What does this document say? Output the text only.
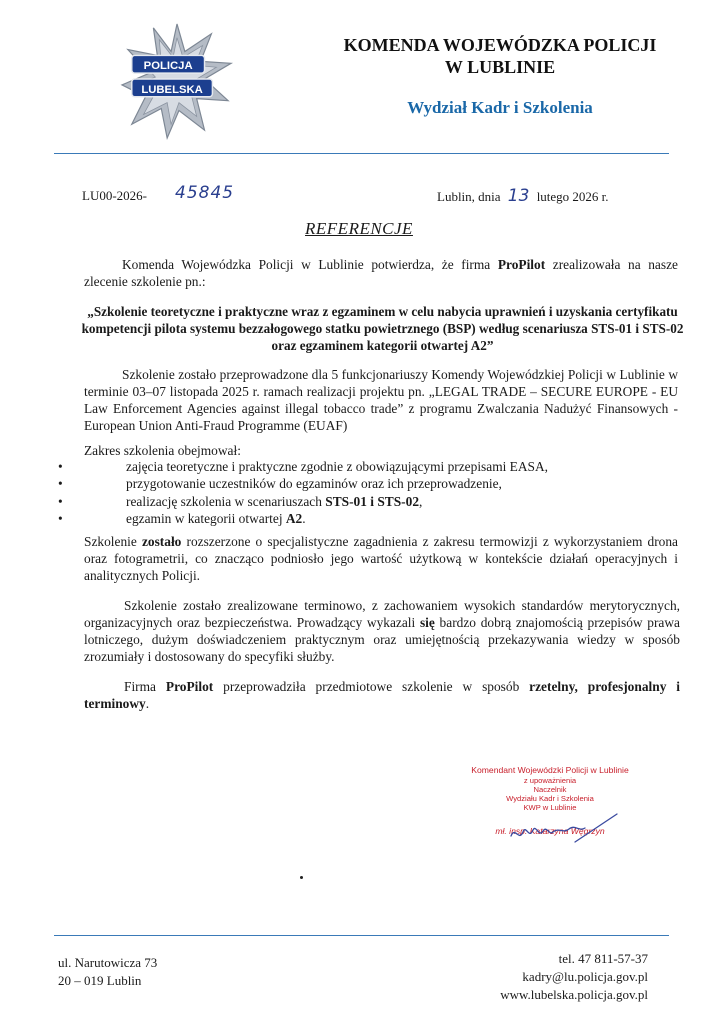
POLICJA
LUBELSKA
KOMENDA WOJEWÓDZKA POLICJI
W LUBLINIE
Wydział Kadr i Szkolenia
LU00-2026- 45845	Lublin, dnia 13 lutego 2026 r.
REFERENCJE
Komenda Wojewódzka Policji w Lublinie potwierdza, że firma ProPilot zrealizowała na nasze zlecenie szkolenie pn.:
„Szkolenie teoretyczne i praktyczne wraz z egzaminem w celu nabycia uprawnień i uzyskania certyfikatu kompetencji pilota systemu bezzałogowego statku powietrznego (BSP) według scenariusza STS-01 i STS-02 oraz egzaminem kategorii otwartej A2”
Szkolenie zostało przeprowadzone dla 5 funkcjonariuszy Komendy Wojewódzkiej Policji w Lublinie w terminie 03–07 listopada 2025 r. ramach realizacji projektu pn. „LEGAL TRADE – SECURE EUROPE - EU Law Enforcement Agencies against illegal tobacco trade” z programu Zwalczania Nadużyć Finansowych - European Union Anti-Fraud Programme (EUAF)
Zakres szkolenia obejmował:
•	zajęcia teoretyczne i praktyczne zgodnie z obowiązującymi przepisami EASA,
•	przygotowanie uczestników do egzaminów oraz ich przeprowadzenie,
•	realizację szkolenia w scenariuszach STS-01 i STS-02,
•	egzamin w kategorii otwartej A2.
Szkolenie zostało rozszerzone o specjalistyczne zagadnienia z zakresu termowizji z wykorzystaniem drona oraz fotogrametrii, co znacząco podniosło jego wartość użytkową w kontekście działań operacyjnych i analitycznych Policji.
Szkolenie zostało zrealizowane terminowo, z zachowaniem wysokich standardów merytorycznych, organizacyjnych oraz bezpieczeństwa. Prowadzący wykazali się bardzo dobrą znajomością przepisów prawa lotniczego, dużym doświadczeniem praktycznym oraz umiejętnością przekazywania wiedzy w sposób zrozumiały i dostosowany do specyfiki służby.
Firma ProPilot przeprowadziła przedmiotowe szkolenie w sposób rzetelny, profesjonalny i terminowy.
Komendant Wojewódzki Policji w Lublinie
z upoważnienia
Naczelnik
Wydziału Kadr i Szkolenia
KWP w Lublinie
mł. insp. Katarzyna Węgrzyn
ul. Narutowicza 73
20 – 019 Lublin
tel. 47 811-57-37
kadry@lu.policja.gov.pl
www.lubelska.policja.gov.pl
